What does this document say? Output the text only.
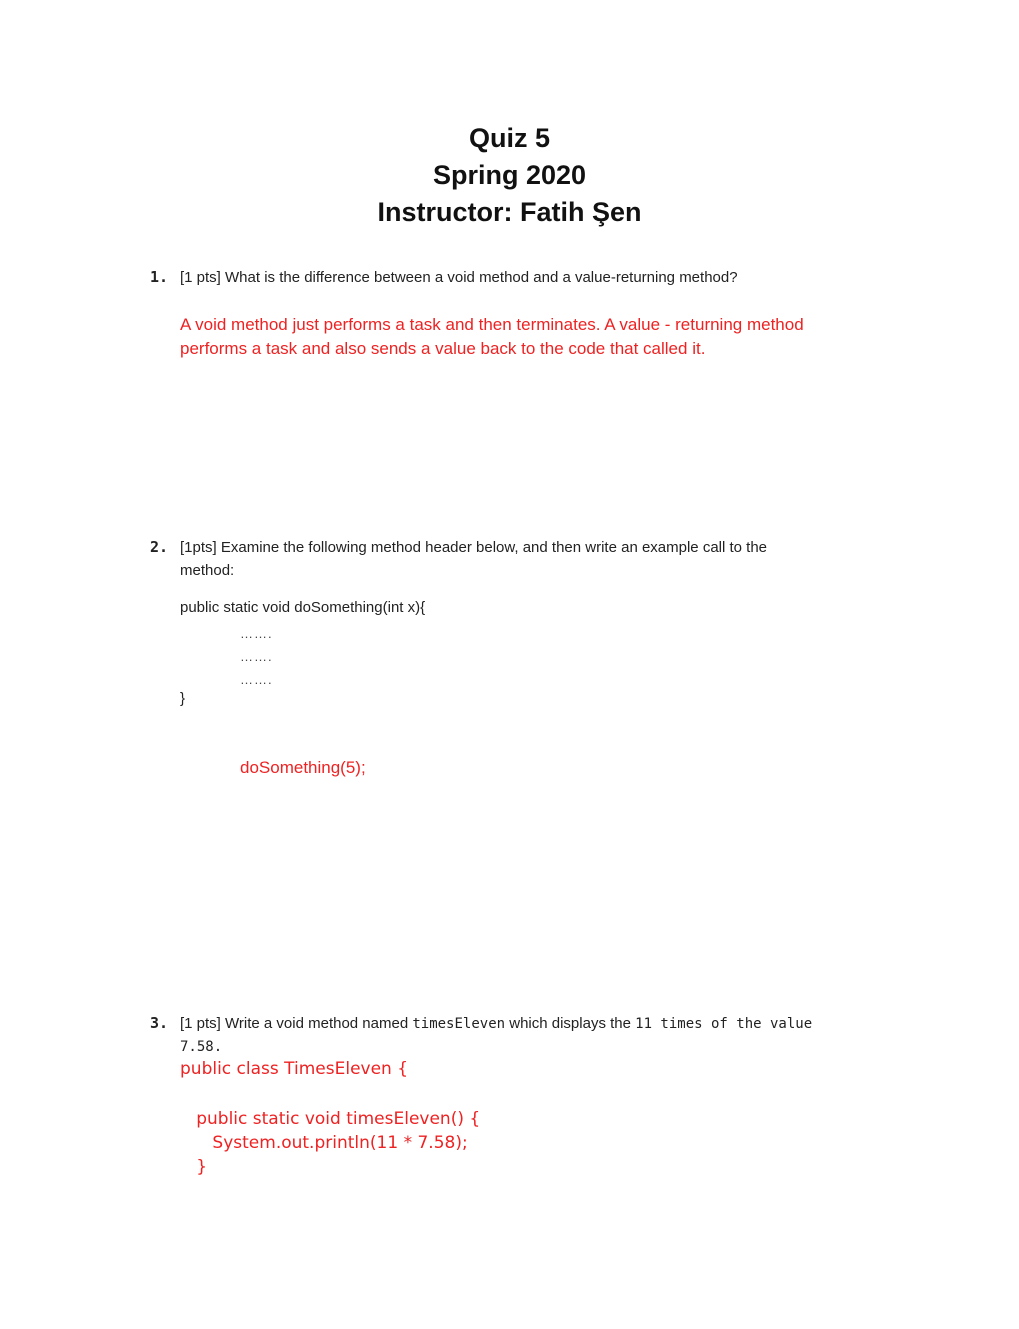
Quiz 5
Spring 2020
Instructor: Fatih Şen
1. [1 pts] What is the difference between a void method and a value-returning method?
A void method just performs a task and then terminates. A value - returning method
performs a task and also sends a value back to the code that called it.
2. [1pts] Examine the following method header below, and then write an example call to the
method:
public static void doSomething(int x){
…….
…….
…….
}
doSomething(5);
3. [1 pts] Write a void method named timesEleven which displays the 11 times of the value
7.58.
public class TimesEleven {
public static void timesEleven() {
System.out.println(11 * 7.58);
}
